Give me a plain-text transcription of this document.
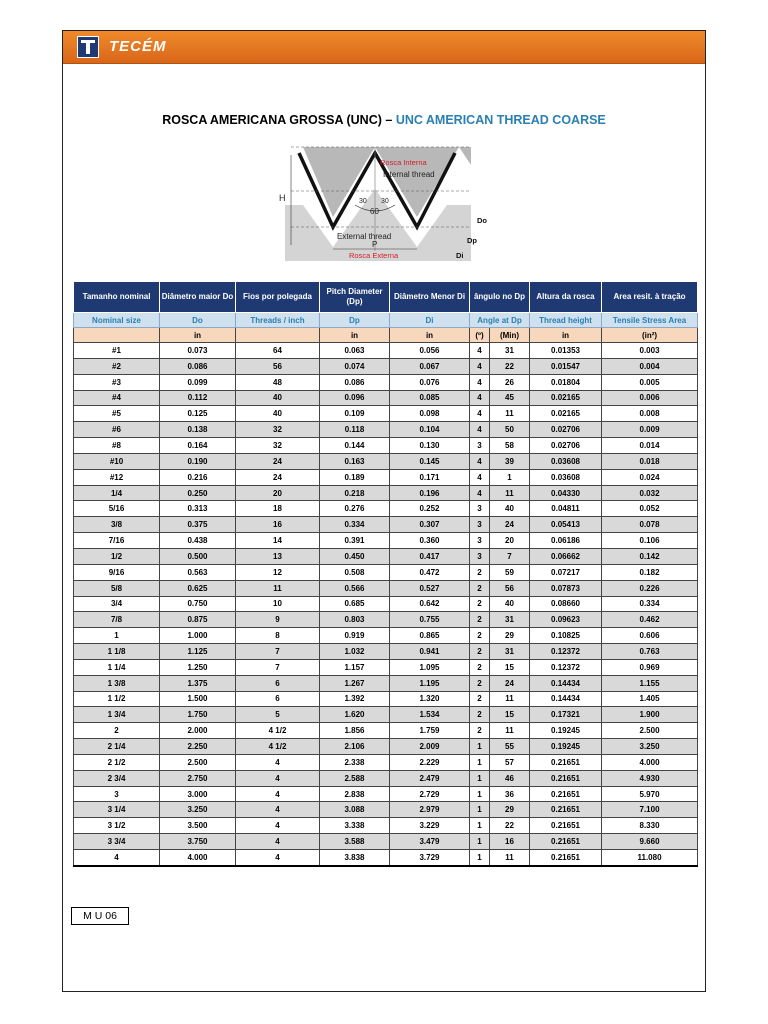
TECÉM
ROSCA AMERICANA GROSSA (UNC) – UNC AMERICAN THREAD COARSE
Rosca Interna
Internal thread
External thread
Rosca Externa
60
30 30
H
P
Do
Dp
Di
Tamanho nominal	Diâmetro maior Do	Fios por polegada	Pitch Diameter (Dp)	Diâmetro Menor Di	ângulo no Dp		Altura da rosca	Area resit. à tração
Nominal size	Do	Threads / inch	Dp	Di	Angle at Dp		Thread height	Tensile Stress Area
	in		in	in	(º)	(Min)	in	(in²)
#1	0.073	64	0.063	0.056	4	31	0.01353	0.003
#2	0.086	56	0.074	0.067	4	22	0.01547	0.004
#3	0.099	48	0.086	0.076	4	26	0.01804	0.005
#4	0.112	40	0.096	0.085	4	45	0.02165	0.006
#5	0.125	40	0.109	0.098	4	11	0.02165	0.008
#6	0.138	32	0.118	0.104	4	50	0.02706	0.009
#8	0.164	32	0.144	0.130	3	58	0.02706	0.014
#10	0.190	24	0.163	0.145	4	39	0.03608	0.018
#12	0.216	24	0.189	0.171	4	1	0.03608	0.024
1/4	0.250	20	0.218	0.196	4	11	0.04330	0.032
5/16	0.313	18	0.276	0.252	3	40	0.04811	0.052
3/8	0.375	16	0.334	0.307	3	24	0.05413	0.078
7/16	0.438	14	0.391	0.360	3	20	0.06186	0.106
1/2	0.500	13	0.450	0.417	3	7	0.06662	0.142
9/16	0.563	12	0.508	0.472	2	59	0.07217	0.182
5/8	0.625	11	0.566	0.527	2	56	0.07873	0.226
3/4	0.750	10	0.685	0.642	2	40	0.08660	0.334
7/8	0.875	9	0.803	0.755	2	31	0.09623	0.462
1	1.000	8	0.919	0.865	2	29	0.10825	0.606
1 1/8	1.125	7	1.032	0.941	2	31	0.12372	0.763
1 1/4	1.250	7	1.157	1.095	2	15	0.12372	0.969
1 3/8	1.375	6	1.267	1.195	2	24	0.14434	1.155
1 1/2	1.500	6	1.392	1.320	2	11	0.14434	1.405
1 3/4	1.750	5	1.620	1.534	2	15	0.17321	1.900
2	2.000	4 1/2	1.856	1.759	2	11	0.19245	2.500
2 1/4	2.250	4 1/2	2.106	2.009	1	55	0.19245	3.250
2 1/2	2.500	4	2.338	2.229	1	57	0.21651	4.000
2 3/4	2.750	4	2.588	2.479	1	46	0.21651	4.930
3	3.000	4	2.838	2.729	1	36	0.21651	5.970
3 1/4	3.250	4	3.088	2.979	1	29	0.21651	7.100
3 1/2	3.500	4	3.338	3.229	1	22	0.21651	8.330
3 3/4	3.750	4	3.588	3.479	1	16	0.21651	9.660
4	4.000	4	3.838	3.729	1	11	0.21651	11.080
M U 06
